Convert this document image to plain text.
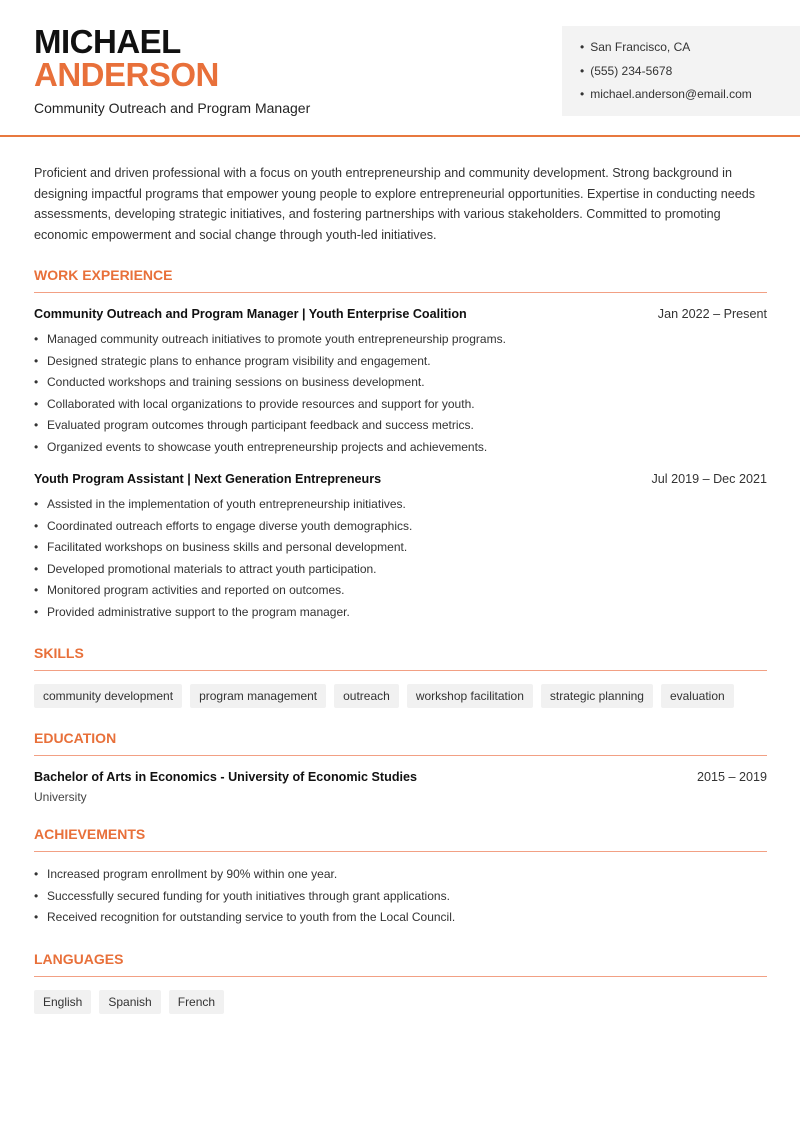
MICHAEL
ANDERSON
Community Outreach and Program Manager
• San Francisco, CA
• (555) 234-5678
• michael.anderson@email.com

Proficient and driven professional with a focus on youth entrepreneurship and community development. Strong background in designing impactful programs that empower young people to explore entrepreneurial opportunities. Expertise in conducting needs assessments, developing strategic initiatives, and fostering partnerships with various stakeholders. Committed to promoting economic empowerment and social change through youth-led initiatives.

WORK EXPERIENCE
Community Outreach and Program Manager | Youth Enterprise Coalition	Jan 2022 – Present
• Managed community outreach initiatives to promote youth entrepreneurship programs.
• Designed strategic plans to enhance program visibility and engagement.
• Conducted workshops and training sessions on business development.
• Collaborated with local organizations to provide resources and support for youth.
• Evaluated program outcomes through participant feedback and success metrics.
• Organized events to showcase youth entrepreneurship projects and achievements.
Youth Program Assistant | Next Generation Entrepreneurs	Jul 2019 – Dec 2021
• Assisted in the implementation of youth entrepreneurship initiatives.
• Coordinated outreach efforts to engage diverse youth demographics.
• Facilitated workshops on business skills and personal development.
• Developed promotional materials to attract youth participation.
• Monitored program activities and reported on outcomes.
• Provided administrative support to the program manager.
SKILLS
community development	program management	outreach	workshop facilitation	strategic planning	evaluation
EDUCATION
Bachelor of Arts in Economics - University of Economic Studies	2015 – 2019
University
ACHIEVEMENTS
• Increased program enrollment by 90% within one year.
• Successfully secured funding for youth initiatives through grant applications.
• Received recognition for outstanding service to youth from the Local Council.
LANGUAGES
English	Spanish	French
